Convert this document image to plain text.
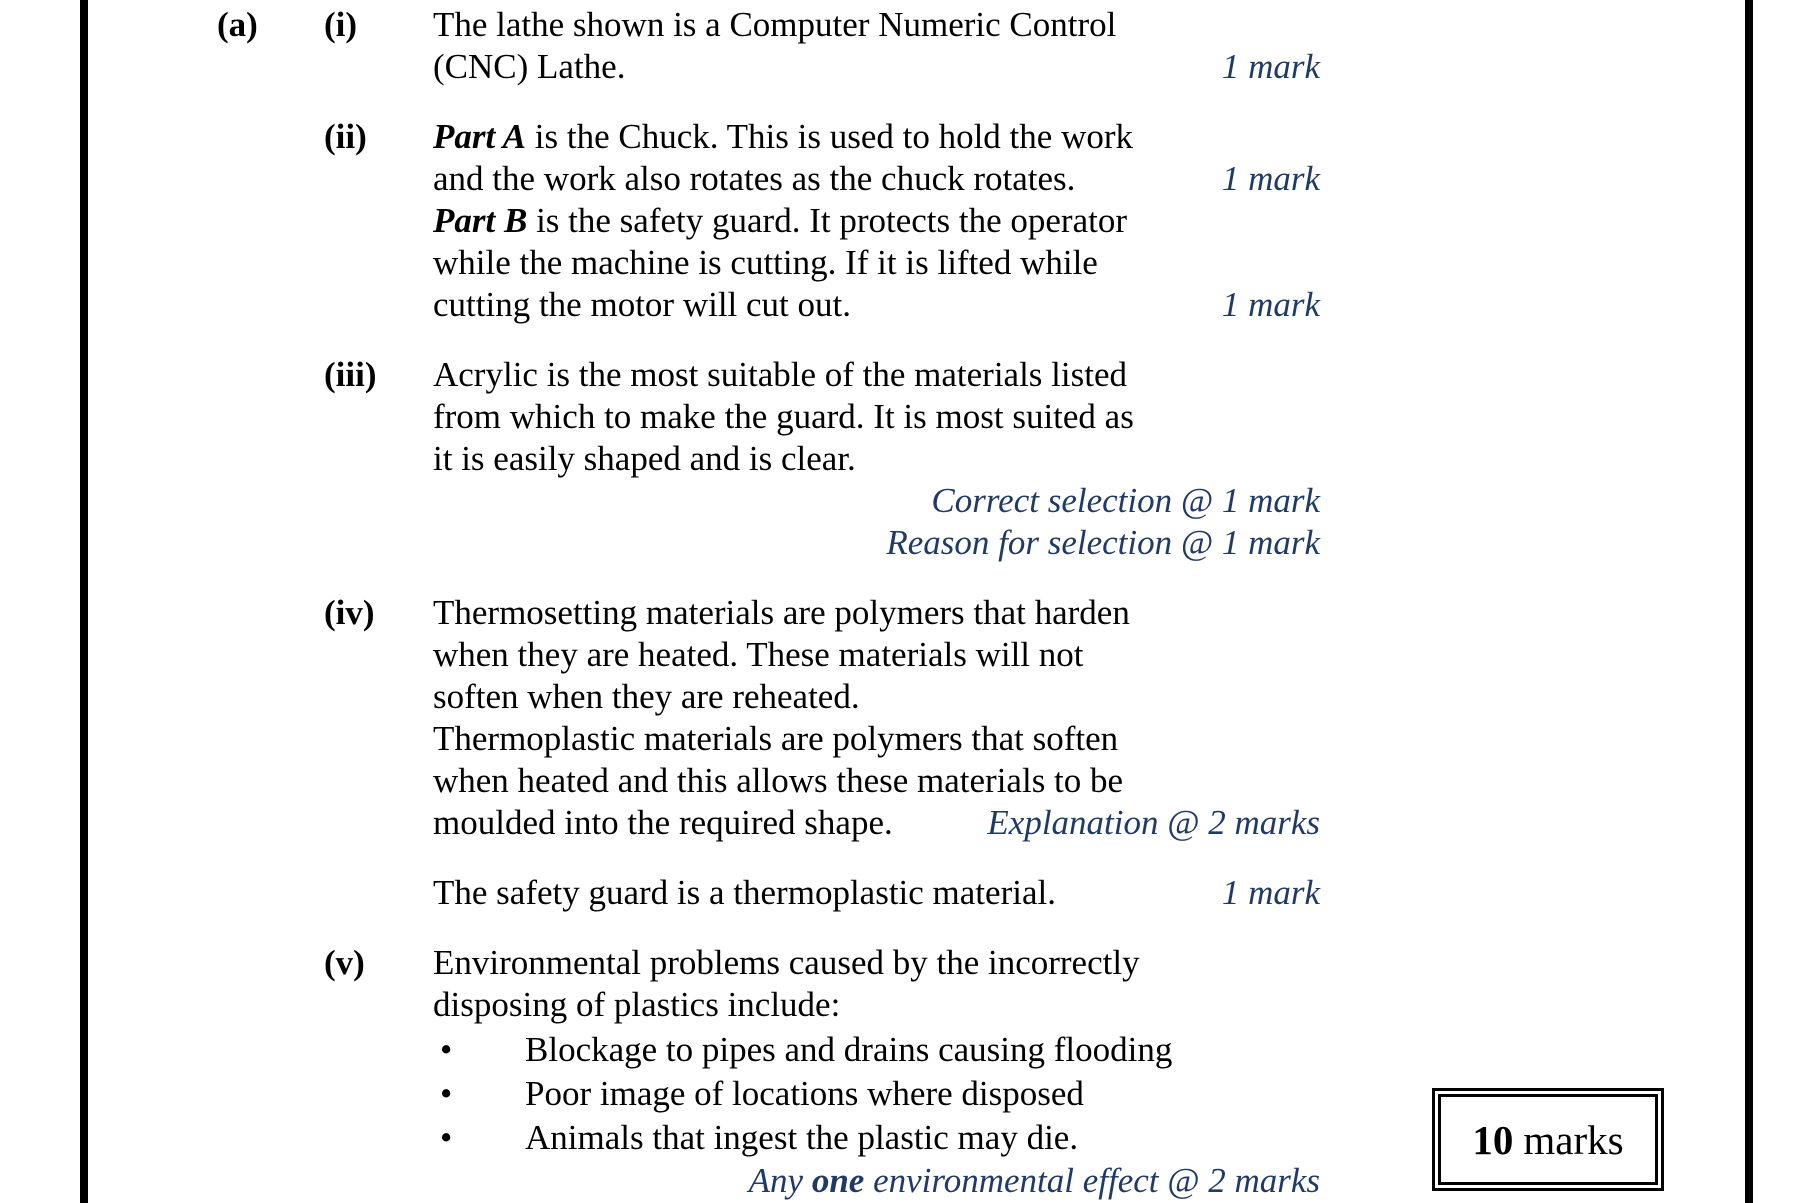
(a) (i) The lathe shown is a Computer Numeric Control
(CNC) Lathe.	1 mark
(ii) Part A is the Chuck. This is used to hold the work
and the work also rotates as the chuck rotates.	1 mark
Part B is the safety guard. It protects the operator
while the machine is cutting. If it is lifted while
cutting the motor will cut out.	1 mark
(iii) Acrylic is the most suitable of the materials listed
from which to make the guard. It is most suited as
it is easily shaped and is clear.
Correct selection @ 1 mark
Reason for selection @ 1 mark
(iv) Thermosetting materials are polymers that harden
when they are heated. These materials will not
soften when they are reheated.
Thermoplastic materials are polymers that soften
when heated and this allows these materials to be
moulded into the required shape.	Explanation @ 2 marks
The safety guard is a thermoplastic material.	1 mark
(v) Environmental problems caused by the incorrectly
disposing of plastics include:
• Blockage to pipes and drains causing flooding
• Poor image of locations where disposed
• Animals that ingest the plastic may die.
Any one environmental effect @ 2 marks
10 marks
